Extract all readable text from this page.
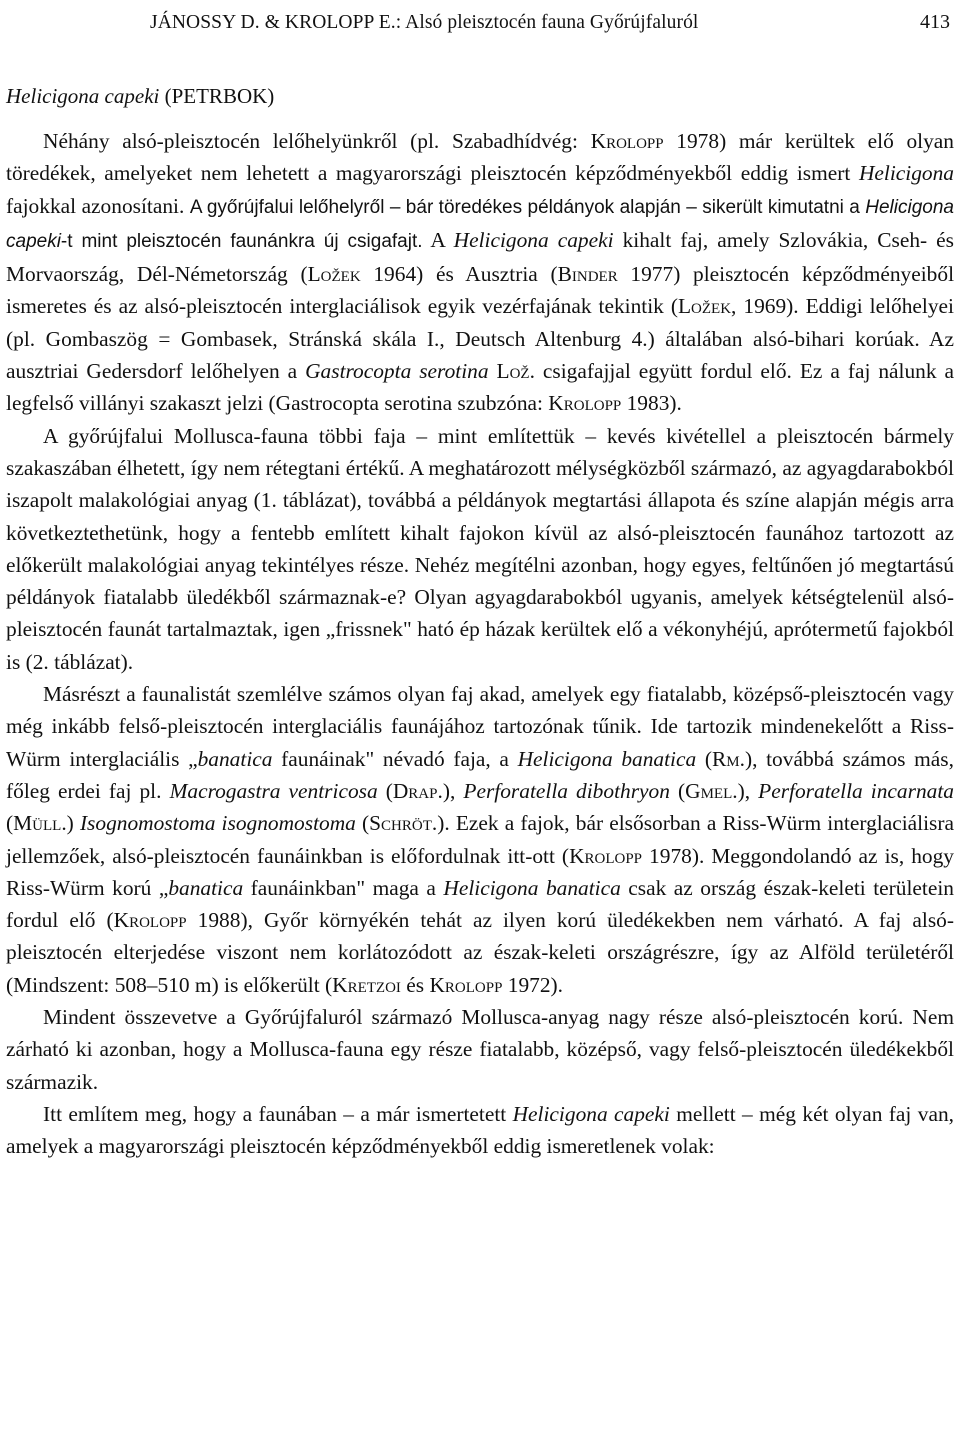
JÁNOSSY D. & KROLOPP E.: Alsó pleisztocén fauna Győrújfaluról	413
Helicigona capeki (PETRBOK)

Néhány alsó-pleisztocén lelőhelyünkről (pl. Szabadhídvég: Krolopp 1978) már kerültek elő olyan töredékek, amelyeket nem lehetett a magyarországi pleisztocén képződményekből eddig ismert Helicigona fajokkal azonosítani. A győrújfalui lelőhelyről – bár töredékes példányok alapján – sikerült kimutatni a Helicigona capeki-t mint pleisztocén faunánkra új csigafajt. A Helicigona capeki kihalt faj, amely Szlovákia, Cseh- és Morvaország, Dél-Németország (Ložek 1964) és Ausztria (Binder 1977) pleisztocén képződményeiből ismeretes és az alsó-pleisztocén interglaciálisok egyik vezérfajának tekintik (Ložek, 1969). Eddigi lelőhelyei (pl. Gombaszög = Gombasek, Stránská skála I., Deutsch Altenburg 4.) általában alsó-bihari korúak. Az ausztriai Gedersdorf lelőhelyen a Gastrocopta serotina Lož. csigafajjal együtt fordul elő. Ez a faj nálunk a legfelső villányi szakaszt jelzi (Gastrocopta serotina szubzóna: Krolopp 1983).

A győrújfalui Mollusca-fauna többi faja – mint említettük – kevés kivétellel a pleisztocén bármely szakaszában élhetett, így nem rétegtani értékű. A meghatározott mélységközből származó, az agyagdarabokból iszapolt malakológiai anyag (1. táblázat), továbbá a példányok megtartási állapota és színe alapján mégis arra következtethetünk, hogy a fentebb említett kihalt fajokon kívül az alsó-pleisztocén faunához tartozott az előkerült malakológiai anyag tekintélyes része. Nehéz megítélni azonban, hogy egyes, feltűnően jó megtartású példányok fiatalabb üledékből származnak-e? Olyan agyagdarabokból ugyanis, amelyek kétségtelenül alsó-pleisztocén faunát tartalmaztak, igen „frissnek" ható ép házak kerültek elő a vékonyhéjú, aprótermetű fajokból is (2. táblázat).

Másrészt a faunalistát szemlélve számos olyan faj akad, amelyek egy fiatalabb, középső-pleisztocén vagy még inkább felső-pleisztocén interglaciális faunájához tartozónak tűnik. Ide tartozik mindenekelőtt a Riss-Würm interglaciális „banatica faunáinak" névadó faja, a Helicigona banatica (Rm.), továbbá számos más, főleg erdei faj pl. Macrogastra ventricosa (Drap.), Perforatella dibothryon (Gmel.), Perforatella incarnata (Müll.) Isognomostoma isognomostoma (Schröt.). Ezek a fajok, bár elsősorban a Riss-Würm interglaciálisra jellemzőek, alsó-pleisztocén faunáinkban is előfordulnak itt-ott (Krolopp 1978). Meggondolandó az is, hogy Riss-Würm korú „banatica faunáinkban" maga a Helicigona banatica csak az ország észak-keleti területein fordul elő (Krolopp 1988), Győr környékén tehát az ilyen korú üledékekben nem várható. A faj alsó-pleisztocén elterjedése viszont nem korlátozódott az észak-keleti országrészre, így az Alföld területéről (Mindszent: 508–510 m) is előkerült (Kretzoi és Krolopp 1972).

Mindent összevetve a Győrújfaluról származó Mollusca-anyag nagy része alsó-pleisztocén korú. Nem zárható ki azonban, hogy a Mollusca-fauna egy része fiatalabb, középső, vagy felső-pleisztocén üledékekből származik.

Itt említem meg, hogy a faunában – a már ismertetett Helicigona capeki mellett – még két olyan faj van, amelyek a magyarországi pleisztocén képződményekből eddig ismeretlenek volak:
